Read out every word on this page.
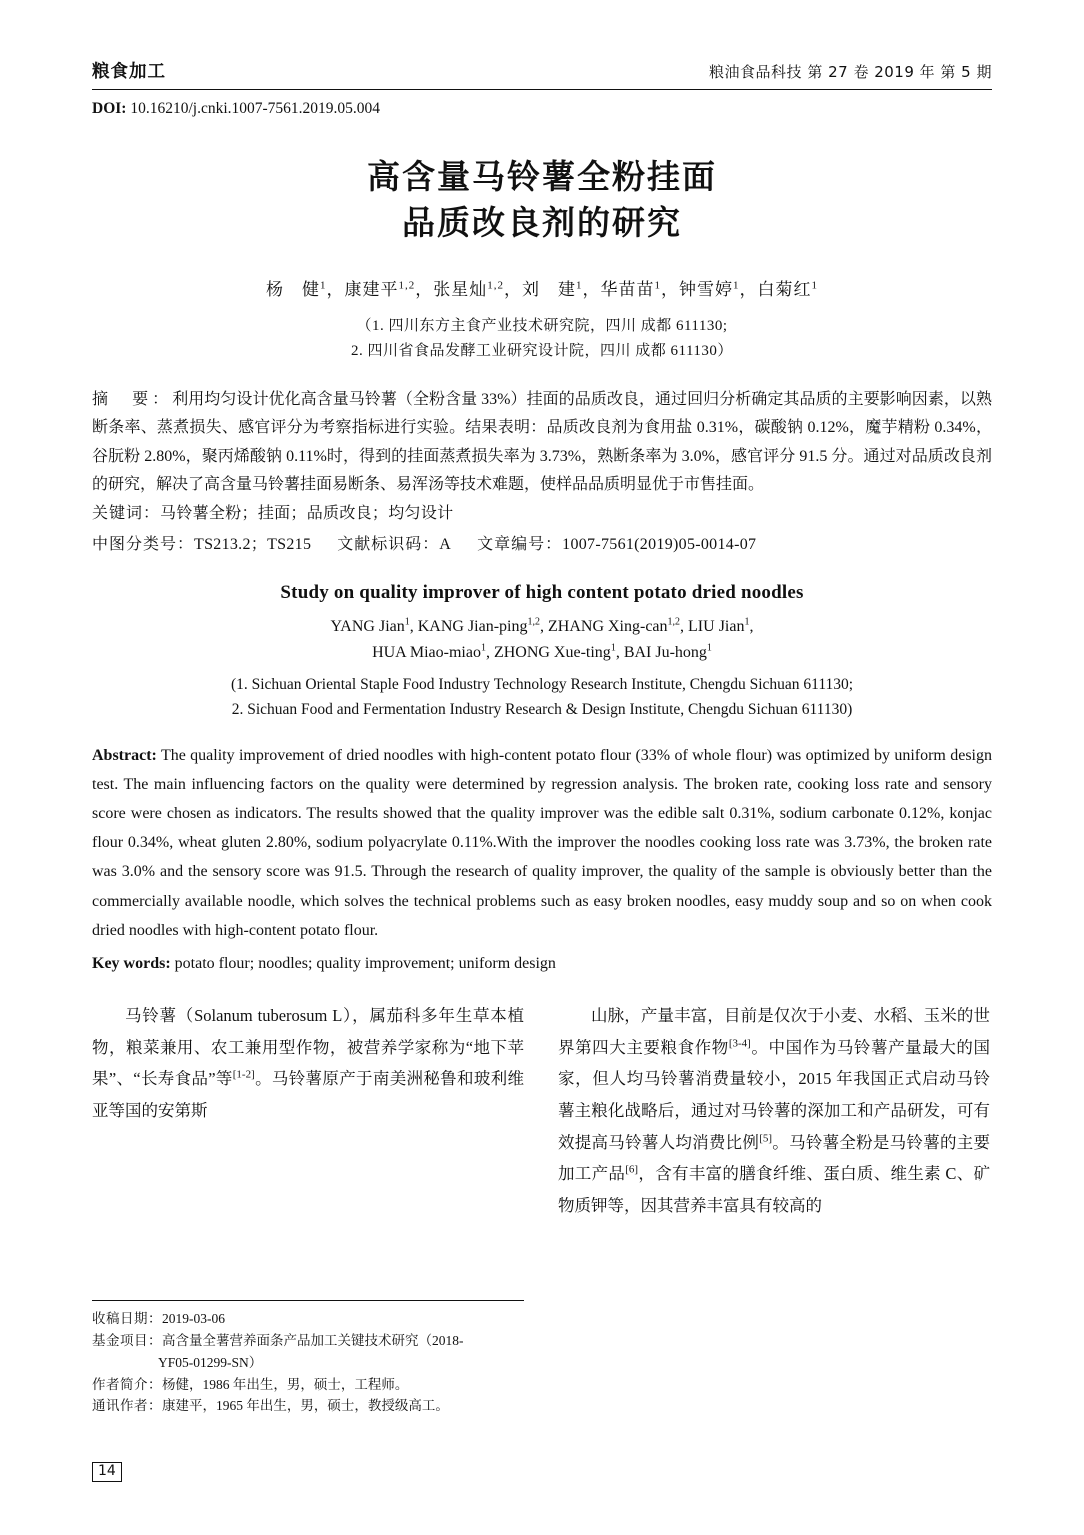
粮食加工	粮油食品科技 第 27 卷 2019 年 第 5 期
DOI: 10.16210/j.cnki.1007-7561.2019.05.004
高含量马铃薯全粉挂面
品质改良剂的研究
杨　健$^1$，康建平$^{1,2}$，张星灿$^{1,2}$，刘　建$^1$，华苗苗$^1$，钟雪婷$^1$，白菊红$^1$
（1. 四川东方主食产业技术研究院，四川 成都 611130;
2. 四川省食品发酵工业研究设计院，四川 成都 611130）
摘　要：利用均匀设计优化高含量马铃薯（全粉含量 33%）挂面的品质改良，通过回归分析确定其品质的主要影响因素，以熟断条率、蒸煮损失、感官评分为考察指标进行实验。结果表明：品质改良剂为食用盐 0.31%，碳酸钠 0.12%，魔芋精粉 0.34%，谷朊粉 2.80%，聚丙烯酸钠 0.11%时，得到的挂面蒸煮损失率为 3.73%，熟断条率为 3.0%，感官评分 91.5 分。通过对品质改良剂的研究，解决了高含量马铃薯挂面易断条、易浑汤等技术难题，使样品品质明显优于市售挂面。
关键词：马铃薯全粉；挂面；品质改良；均匀设计
中图分类号：TS213.2；TS215 文献标识码：A 文章编号：1007-7561(2019)05-0014-07
Study on quality improver of high content potato dried noodles
YANG Jian$^1$, KANG Jian-ping$^{1,2}$, ZHANG Xing-can$^{1,2}$, LIU Jian$^1$,
HUA Miao-miao$^1$, ZHONG Xue-ting$^1$, BAI Ju-hong$^1$
(1. Sichuan Oriental Staple Food Industry Technology Research Institute, Chengdu Sichuan 611130;
2. Sichuan Food and Fermentation Industry Research & Design Institute, Chengdu Sichuan 611130)
Abstract: The quality improvement of dried noodles with high-content potato flour (33% of whole flour) was optimized by uniform design test. The main influencing factors on the quality were determined by regression analysis. The broken rate, cooking loss rate and sensory score were chosen as indicators. The results showed that the quality improver was the edible salt 0.31%, sodium carbonate 0.12%, konjac flour 0.34%, wheat gluten 2.80%, sodium polyacrylate 0.11%.With the improver the noodles cooking loss rate was 3.73%, the broken rate was 3.0% and the sensory score was 91.5. Through the research of quality improver, the quality of the sample is obviously better than the commercially available noodle, which solves the technical problems such as easy broken noodles, easy muddy soup and so on when cook dried noodles with high-content potato flour.
Key words: potato flour; noodles; quality improvement; uniform design

马铃薯（Solanum tuberosum L），属茄科多年生草本植物，粮菜兼用、农工兼用型作物，被营养学家称为“地下苹果”、“长寿食品”等[1-2]。马铃薯原产于南美洲秘鲁和玻利维亚等国的安第斯

山脉，产量丰富，目前是仅次于小麦、水稻、玉米的世界第四大主要粮食作物[3-4]。中国作为马铃薯产量最大的国家，但人均马铃薯消费量较小，2015 年我国正式启动马铃薯主粮化战略后，通过对马铃薯的深加工和产品研发，可有效提高马铃薯人均消费比例[5]。马铃薯全粉是马铃薯的主要加工产品[6]，含有丰富的膳食纤维、蛋白质、维生素 C、矿物质钾等，因其营养丰富具有较高的

收稿日期： 2019-03-06
基金项目： 高含量全薯营养面条产品加工关键技术研究（2018-
YF05-01299-SN）
作者简介： 杨健，1986 年出生，男，硕士，工程师。
通讯作者： 康建平，1965 年出生，男，硕士，教授级高工。
14
